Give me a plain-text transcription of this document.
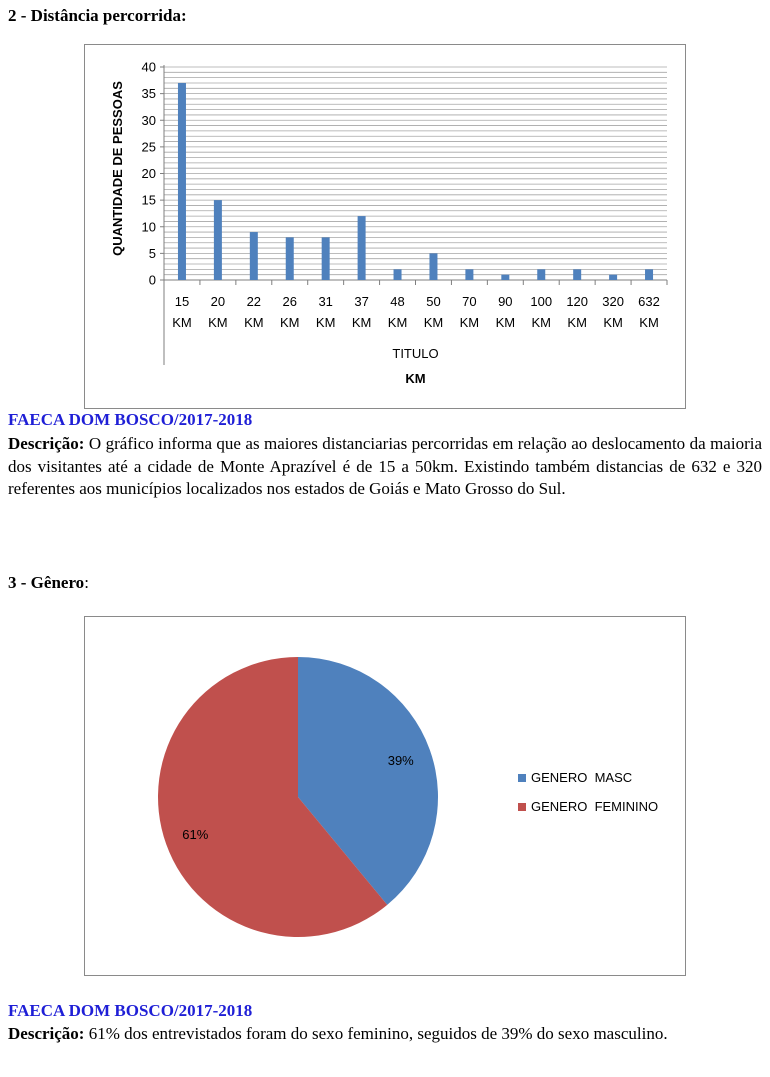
2 - Distância percorrida:
0
5
10
15
20
25
30
35
40
15 KM
20 KM
22 KM
26 KM
31 KM
37 KM
48 KM
50 KM
70 KM
90 KM
100 KM
120 KM
320 KM
632 KM
TITULO
KM
QUANTIDADE DE PESSOAS
FAECA DOM BOSCO/2017-2018
Descrição: O gráfico informa que as maiores distanciarias percorridas em relação ao deslocamento da maioria dos visitantes até a cidade de Monte Aprazível é de 15 a 50km. Existindo também distancias de 632 e 320 referentes aos municípios localizados nos estados de Goiás e Mato Grosso do Sul.
3 - Gênero:
39%
61%
GENERO  MASC
GENERO  FEMININO
FAECA DOM BOSCO/2017-2018
Descrição: 61% dos entrevistados foram do sexo feminino, seguidos de 39% do sexo masculino.
